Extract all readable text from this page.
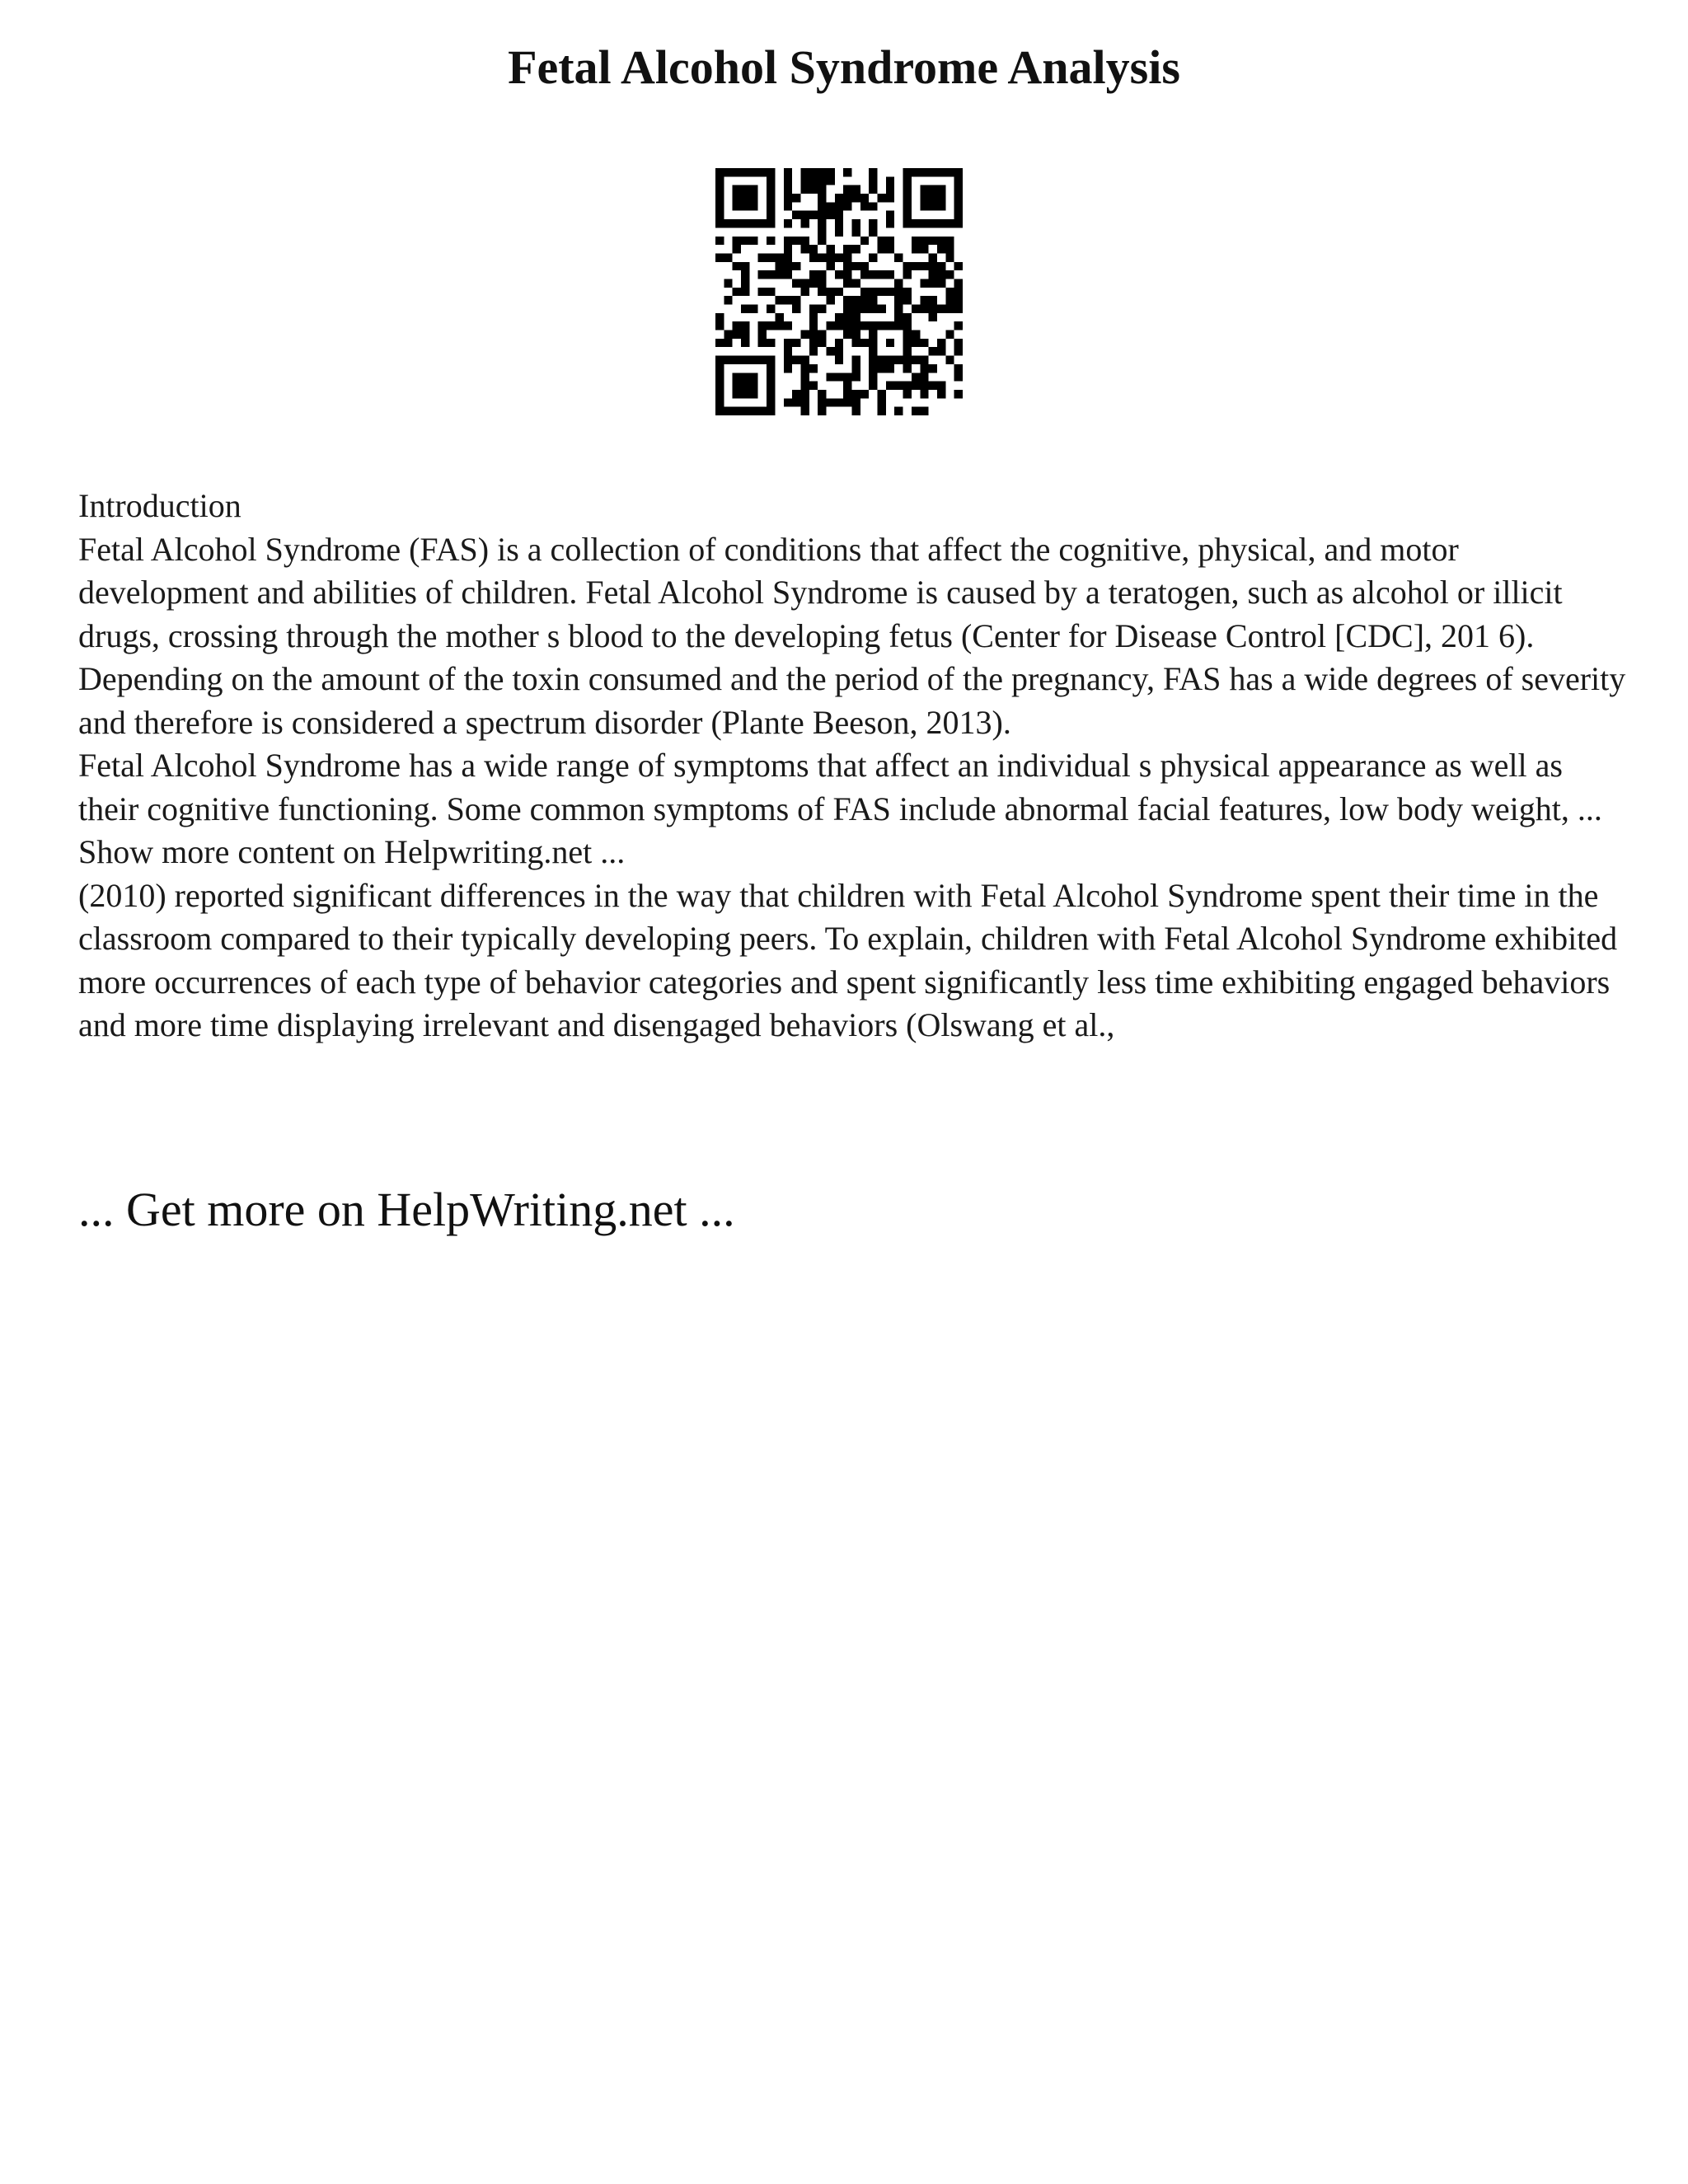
Fetal Alcohol Syndrome Analysis

Introduction

Fetal Alcohol Syndrome (FAS) is a collection of conditions that affect the cognitive, physical, and motor development and abilities of children. Fetal Alcohol Syndrome is caused by a teratogen, such as alcohol or illicit drugs, crossing through the mother s blood to the developing fetus (Center for Disease Control [CDC], 201 6). Depending on the amount of the toxin consumed and the period of the pregnancy, FAS has a wide degrees of severity and therefore is considered a spectrum disorder (Plante Beeson, 2013).

Fetal Alcohol Syndrome has a wide range of symptoms that affect an individual s physical appearance as well as their cognitive functioning. Some common symptoms of FAS include abnormal facial features, low body weight, ... Show more content on Helpwriting.net ...

(2010) reported significant differences in the way that children with Fetal Alcohol Syndrome spent their time in the classroom compared to their typically developing peers. To explain, children with Fetal Alcohol Syndrome exhibited more occurrences of each type of behavior categories and spent significantly less time exhibiting engaged behaviors and more time displaying irrelevant and disengaged behaviors (Olswang et al.,

... Get more on HelpWriting.net ...
